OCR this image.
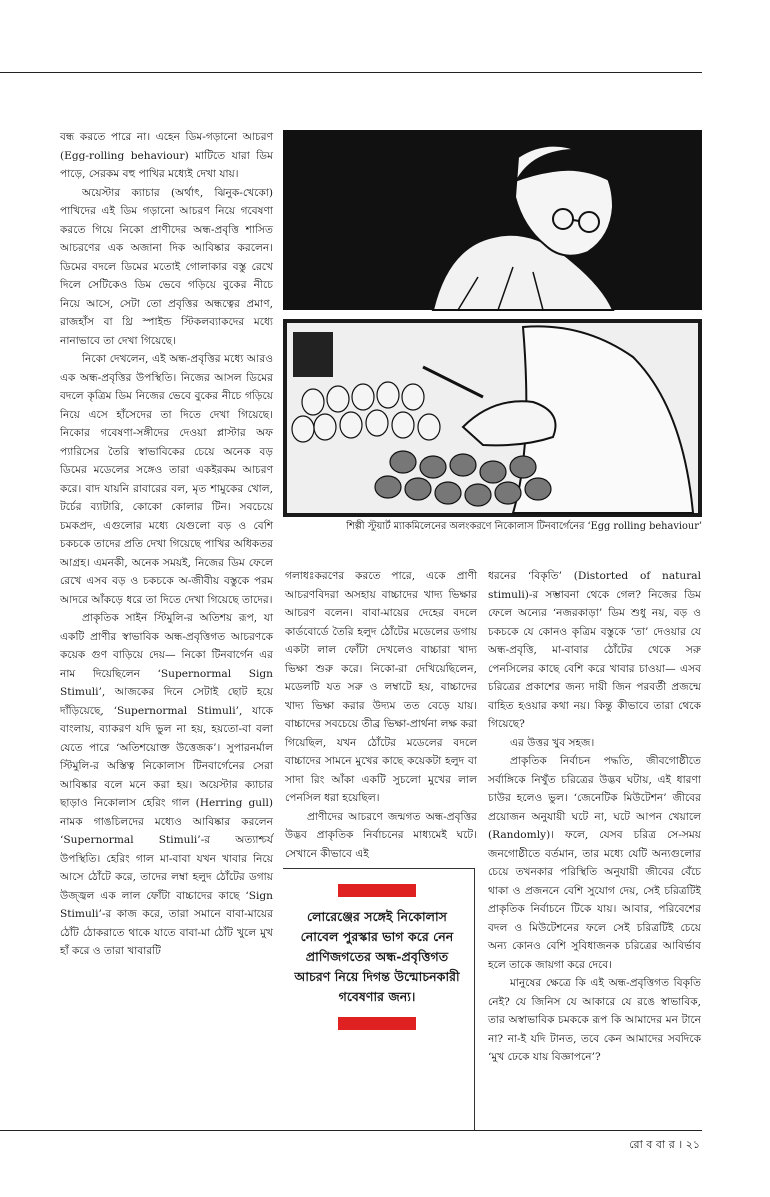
বন্ধ করতে পারে না। এহেন ডিম-গড়ানো আচরণ (Egg-rolling behaviour) মাটিতে যারা ডিম পাড়ে, সেরকম বহু পাখির মধ্যেই দেখা যায়।

অয়েস্টার ক্যাচার (অর্থাৎ, ঝিনুক-খেকো) পাখিদের এই ডিম গড়ানো আচরণ নিয়ে গবেষণা করতে গিয়ে নিকো প্রাণীদের অন্ধ-প্রবৃত্তি শাসিত আচরণের এক অজানা দিক আবিষ্কার করলেন। ডিমের বদলে ডিমের মতোই গোলাকার বস্তু রেখে দিলে সেটিকেও ডিম ভেবে গড়িয়ে বুকের নীচে নিয়ে আসে, সেটা তো প্রবৃত্তির অন্ধত্বের প্রমাণ, রাজহাঁস বা থ্রি স্পাইন্ড স্টিকলব্যাকদের মধ্যে নানাভাবে তা দেখা গিয়েছে।

নিকো দেখলেন, এই অন্ধ-প্রবৃত্তির মধ্যে আরও এক অন্ধ-প্রবৃত্তির উপস্থিতি। নিজের আসল ডিমের বদলে কৃত্রিম ডিম নিজের ভেবে বুকের নীচে গড়িয়ে নিয়ে এসে হাঁসেদের তা দিতে দেখা গিয়েছে। নিকোর গবেষণা-সঙ্গীদের দেওয়া প্লাস্টার অফ প্যারিসের তৈরি স্বাভাবিকের চেয়ে অনেক বড় ডিমের মডেলের সঙ্গেও তারা একইরকম আচরণ করে। বাদ যায়নি রাবারের বল, মৃত শামুকের খোল, টর্চের ব্যাটারি, কোকো কোলার টিন। সবচেয়ে চমকপ্রদ, এগুলোর মধ্যে যেগুলো বড় ও বেশি চকচকে তাদের প্রতি দেখা গিয়েছে পাখির অধিকতর আগ্রহ। এমনকী, অনেক সময়ই, নিজের ডিম ফেলে রেখে এসব বড় ও চকচকে অ-জীবীয় বস্তুকে পরম আদরে আঁকড়ে ধরে তা দিতে দেখা গিয়েছে তাদের।

প্রাকৃতিক সাইন স্টিমুলি-র অতিশয় রূপ, যা একটি প্রাণীর স্বাভাবিক অন্ধ-প্রবৃত্তিগত আচরণকে কয়েক গুণ বাড়িয়ে দেয়— নিকো টিনবার্গেন এর নাম দিয়েছিলেন ‘Supernormal Sign Stimuli’, আজকের দিনে সেটাই ছোট হয়ে দাঁড়িয়েছে, ‘Supernormal Stimuli’, যাকে বাংলায়, ব্যাকরণ যদি ভুল না হয়, হয়তো-বা বলা যেতে পারে ‘অতিশয়োক্ত উত্তেজক’। সুপারনর্মাল স্টিমুলি-র অস্তিত্ব নিকোলাস টিনবার্গেনের সেরা আবিষ্কার বলে মনে করা হয়। অয়েস্টার ক্যাচার ছাড়াও নিকোলাস হেরিং গাল (Herring gull) নামক গাঙচিলদের মধ্যেও আবিষ্কার করলেন ‘Supernormal Stimuli’-র অত্যাশ্চর্য উপস্থিতি। হেরিং গাল মা-বাবা যখন খাবার নিয়ে আসে ঠোঁটে করে, তাদের লম্বা হলুদ ঠোঁটের ডগায় উজ্জ্বল এক লাল ফোঁটা বাচ্চাদের কাছে ‘Sign Stimuli’-র কাজ করে, তারা সমানে বাবা-মায়ের ঠোঁট ঠোকরাতে থাকে যাতে বাবা-মা ঠোঁট খুলে মুখ হাঁ করে ও তারা খাবারটি

শিল্পী স্টুয়ার্ট ম্যাকমিলেনের অলংকরণে নিকোলাস টিনবার্গেনের ‘Egg rolling behaviour’

গলাধঃকরণের করতে পারে, একে প্রাণী আচরণবিদরা অসহায় বাচ্চাদের খাদ্য ভিক্ষার আচরণ বলেন। বাবা-মায়ের দেহের বদলে কার্ডবোর্ডে তৈরি হলুদ ঠোঁটের মডেলের ডগায় একটা লাল ফোঁটা দেখলেও বাচ্চারা খাদ্য ভিক্ষা শুরু করে। নিকো-রা দেখিয়েছিলেন, মডেলটি যত সরু ও লম্বাটে হয়, বাচ্চাদের খাদ্য ভিক্ষা করার উদ্যম তত বেড়ে যায়। বাচ্চাদের সবচেয়ে তীব্র ভিক্ষা-প্রার্থনা লক্ষ করা গিয়েছিল, যখন ঠোঁটের মডেলের বদলে বাচ্চাদের সামনে মুখের কাছে কয়েকটা হলুদ বা সাদা রিং আঁকা একটি সুচলো মুখের লাল পেনসিল ধরা হয়েছিল।

প্রাণীদের আচরণে জন্মগত অন্ধ-প্রবৃত্তির উদ্ভব প্রাকৃতিক নির্বাচনের মাধ্যমেই ঘটে। সেখানে কীভাবে এই

ধরনের ‘বিকৃতি’ (Distorted of natural stimuli)-র সম্ভাবনা থেকে গেল? নিজের ডিম ফেলে অন্যের ‘নজরকাড়া’ ডিম শুধু নয়, বড় ও চকচকে যে কোনও কৃত্রিম বস্তুকে ‘তা’ দেওয়ার যে অন্ধ-প্রবৃত্তি, মা-বাবার ঠোঁটের থেকে সরু পেনসিলের কাছে বেশি করে খাবার চাওয়া— এসব চরিত্রের প্রকাশের জন্য দায়ী জিন পরবর্তী প্রজন্মে বাহিত হওয়ার কথা নয়। কিন্তু কীভাবে তারা থেকে গিয়েছে?

এর উত্তর খুব সহজ।

প্রাকৃতিক নির্বাচন পদ্ধতি, জীবগোষ্ঠীতে সর্বাঙ্গিকে নিখুঁত চরিত্রের উদ্ভব ঘটায়, এই ধারণা চাউর হলেও ভুল। ‘জেনেটিক মিউটেশন’ জীবের প্রয়োজন অনুযায়ী ঘটে না, ঘটে আপন খেয়ালে (Randomly)। ফলে, যেসব চরিত্র সে-সময় জনগোষ্ঠীতে বর্তমান, তার মধ্যে যেটি অন্যগুলোর চেয়ে তখনকার পরিস্থিতি অনুযায়ী জীবের বেঁচে থাকা ও প্রজননে বেশি সুযোগ দেয়, সেই চরিত্রটিই প্রাকৃতিক নির্বাচনে টিকে যায়। আবার, পরিবেশের বদল ও মিউটেশনের ফলে সেই চরিত্রটিই চেয়ে অন্য কোনও বেশি সুবিধাজনক চরিত্রের আবির্ভাব হলে তাকে জায়গা করে দেবে।

মানুষের ক্ষেত্রে কি এই অন্ধ-প্রবৃত্তিগত বিকৃতি নেই? যে জিনিস যে আকারে যে রঙে স্বাভাবিক, তার অস্বাভাবিক চমককে রূপ কি আমাদের মন টানে না? না-ই যদি টানত, তবে কেন আমাদের সবদিকে ‘মুখ ঢেকে যায় বিজ্ঞাপনে’?

লোরেঞ্জের সঙ্গেই নিকোলাস নোবেল পুরস্কার ভাগ করে নেন প্রাণিজগতের অন্ধ-প্রবৃত্তিগত আচরণ নিয়ে দিগন্ত উন্মোচনকারী গবেষণার জন্য।
রো ব বা র । ২১
